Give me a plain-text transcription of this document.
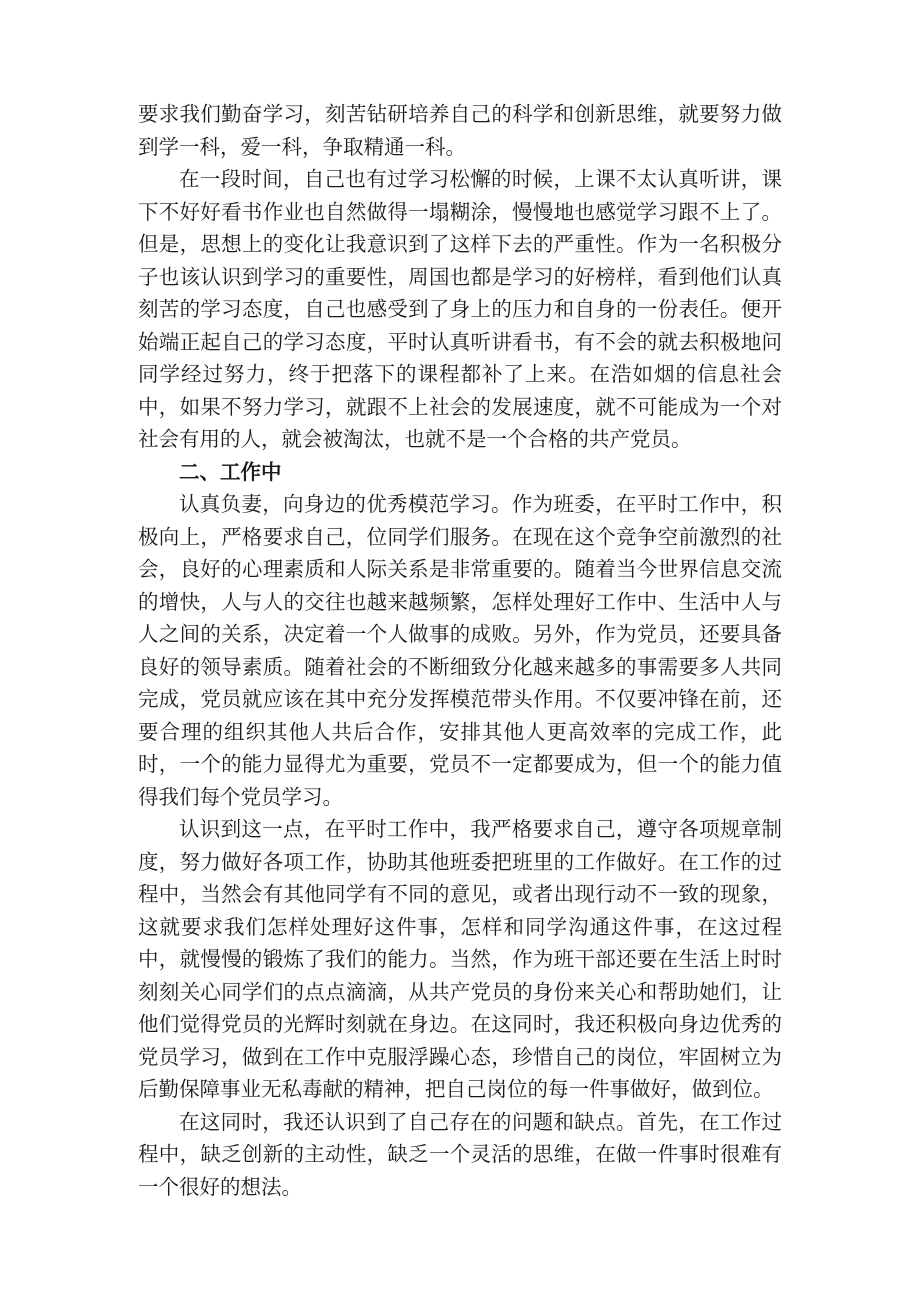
要求我们勤奋学习，刻苦钻研培养自己的科学和创新思维，就要努力做到学一科，爱一科，争取精通一科。

在一段时间，自己也有过学习松懈的时候，上课不太认真听讲，课下不好好看书作业也自然做得一塌糊涂，慢慢地也感觉学习跟不上了。但是，思想上的变化让我意识到了这样下去的严重性。作为一名积极分子也该认识到学习的重要性，周国也都是学习的好榜样，看到他们认真刻苦的学习态度，自己也感受到了身上的压力和自身的一份表任。便开始端正起自己的学习态度，平时认真听讲看书，有不会的就去积极地问同学经过努力，终于把落下的课程都补了上来。在浩如烟的信息社会中，如果不努力学习，就跟不上社会的发展速度，就不可能成为一个对社会有用的人，就会被淘汰，也就不是一个合格的共产党员。

二、工作中

认真负妻，向身边的优秀模范学习。作为班委，在平时工作中，积极向上，严格要求自己，位同学们服务。在现在这个竞争空前激烈的社会，良好的心理素质和人际关系是非常重要的。随着当今世界信息交流的增快，人与人的交往也越来越频繁，怎样处理好工作中、生活中人与人之间的关系，决定着一个人做事的成败。另外，作为党员，还要具备良好的领导素质。随着社会的不断细致分化越来越多的事需要多人共同完成，党员就应该在其中充分发挥模范带头作用。不仅要冲锋在前，还要合理的组织其他人共后合作，安排其他人更高效率的完成工作，此时，一个的能力显得尤为重要，党员不一定都要成为，但一个的能力值得我们每个党员学习。

认识到这一点，在平时工作中，我严格要求自己，遵守各项规章制度，努力做好各项工作，协助其他班委把班里的工作做好。在工作的过程中，当然会有其他同学有不同的意见，或者出现行动不一致的现象，这就要求我们怎样处理好这件事，怎样和同学沟通这件事，在这过程中，就慢慢的锻炼了我们的能力。当然，作为班干部还要在生活上时时刻刻关心同学们的点点滴滴，从共产党员的身份来关心和帮助她们，让他们觉得党员的光辉时刻就在身边。在这同时，我还积极向身边优秀的党员学习，做到在工作中克服浮躁心态，珍惜自己的岗位，牢固树立为后勤保障事业无私毒献的精神，把自己岗位的每一件事做好，做到位。

在这同时，我还认识到了自己存在的问题和缺点。首先，在工作过程中，缺乏创新的主动性，缺乏一个灵活的思维，在做一件事时很难有一个很好的想法。
